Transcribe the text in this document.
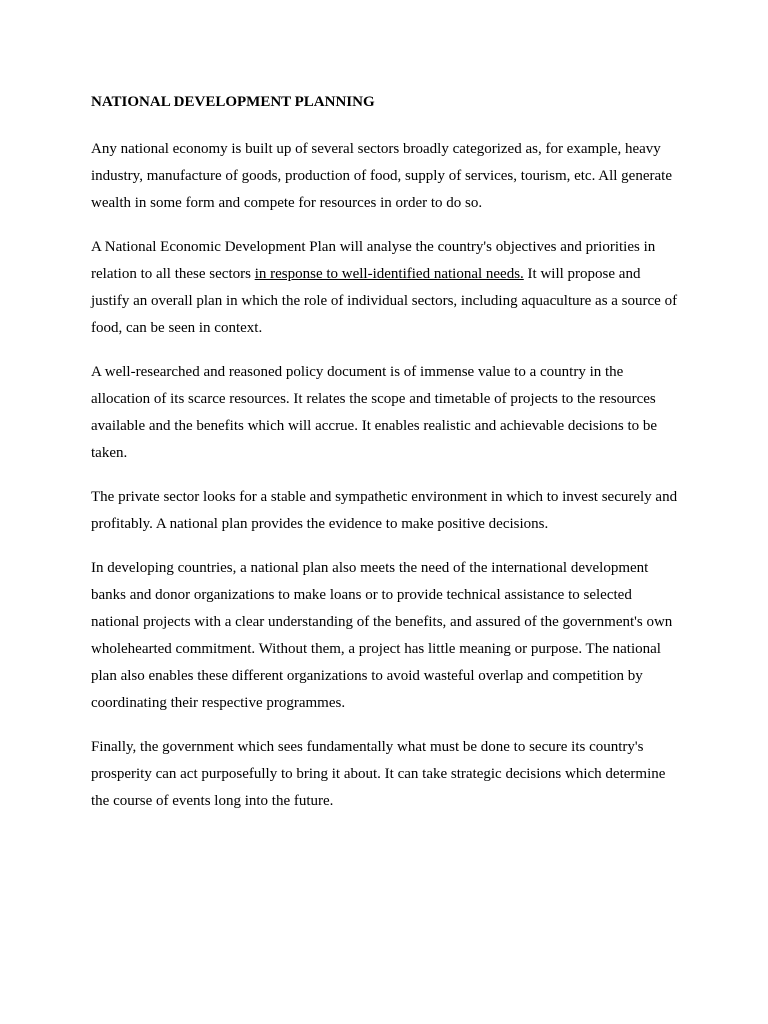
NATIONAL DEVELOPMENT PLANNING

Any national economy is built up of several sectors broadly categorized as, for example, heavy industry, manufacture of goods, production of food, supply of services, tourism, etc. All generate wealth in some form and compete for resources in order to do so.

A National Economic Development Plan will analyse the country's objectives and priorities in relation to all these sectors in response to well-identified national needs. It will propose and justify an overall plan in which the role of individual sectors, including aquaculture as a source of food, can be seen in context.

A well-researched and reasoned policy document is of immense value to a country in the allocation of its scarce resources. It relates the scope and timetable of projects to the resources available and the benefits which will accrue. It enables realistic and achievable decisions to be taken.

The private sector looks for a stable and sympathetic environment in which to invest securely and profitably. A national plan provides the evidence to make positive decisions.

In developing countries, a national plan also meets the need of the international development banks and donor organizations to make loans or to provide technical assistance to selected national projects with a clear understanding of the benefits, and assured of the government's own wholehearted commitment. Without them, a project has little meaning or purpose. The national plan also enables these different organizations to avoid wasteful overlap and competition by coordinating their respective programmes.

Finally, the government which sees fundamentally what must be done to secure its country's prosperity can act purposefully to bring it about. It can take strategic decisions which determine the course of events long into the future.
